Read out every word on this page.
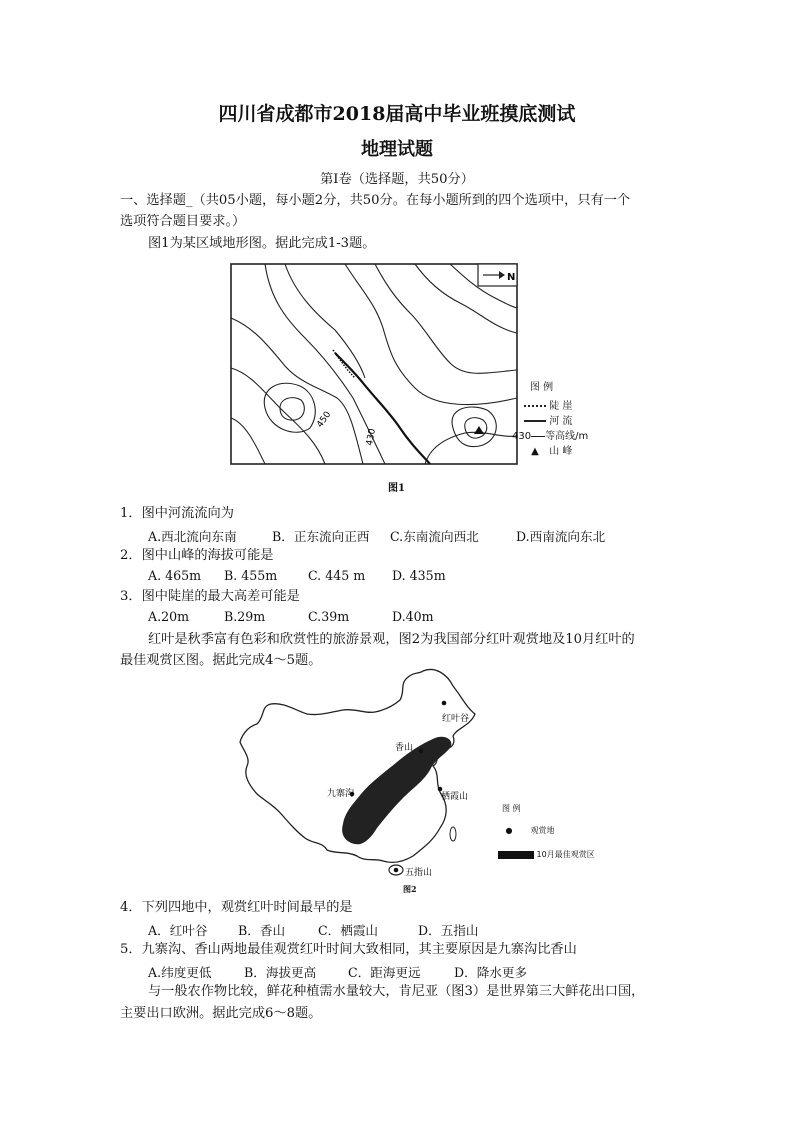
四川省成都市2018届高中毕业班摸底测试
地理试题
第Ⅰ卷（选择题，共50分）
一、选择题_（共05小题，每小题2分，共50分。在每小题所到的四个选项中，只有一个
选项符合题目要求。）
图1为某区域地形图。据此完成1-3题。
N
450
430
图 例
陡 崖
河 流
430 等高线/m
▲ 山 峰
图1
1．图中河流流向为
A.西北流向东南	B．正东流向正西 C.东南流向西北	D.西南流向东北
2．图中山峰的海拔可能是
A. 465m B. 455m C. 445 m D. 435m
3．图中陡崖的最大高差可能是
A.20m	B.29m	C.39m	D.40m
红叶是秋季富有色彩和欣赏性的旅游景观，图2为我国部分红叶观赏地及10月红叶的
最佳观赏区图。据此完成4～5题。
红叶谷
香山
九寨沟	栖霞山
五指山
图 例
● 观赏地
10月最佳观赏区
图2
4．下列四地中，观赏红叶时间最早的是
A．红叶谷 B．香山	C．栖霞山	D．五指山
5．九寨沟、香山两地最佳观赏红叶时间大致相同，其主要原因是九寨沟比香山
A.纬度更低	B．海拔更高	C．距海更远	D．降水更多
与一般农作物比较，鲜花种植需水量较大，肯尼亚（图3）是世界第三大鲜花出口国，
主要出口欧洲。据此完成6～8题。
